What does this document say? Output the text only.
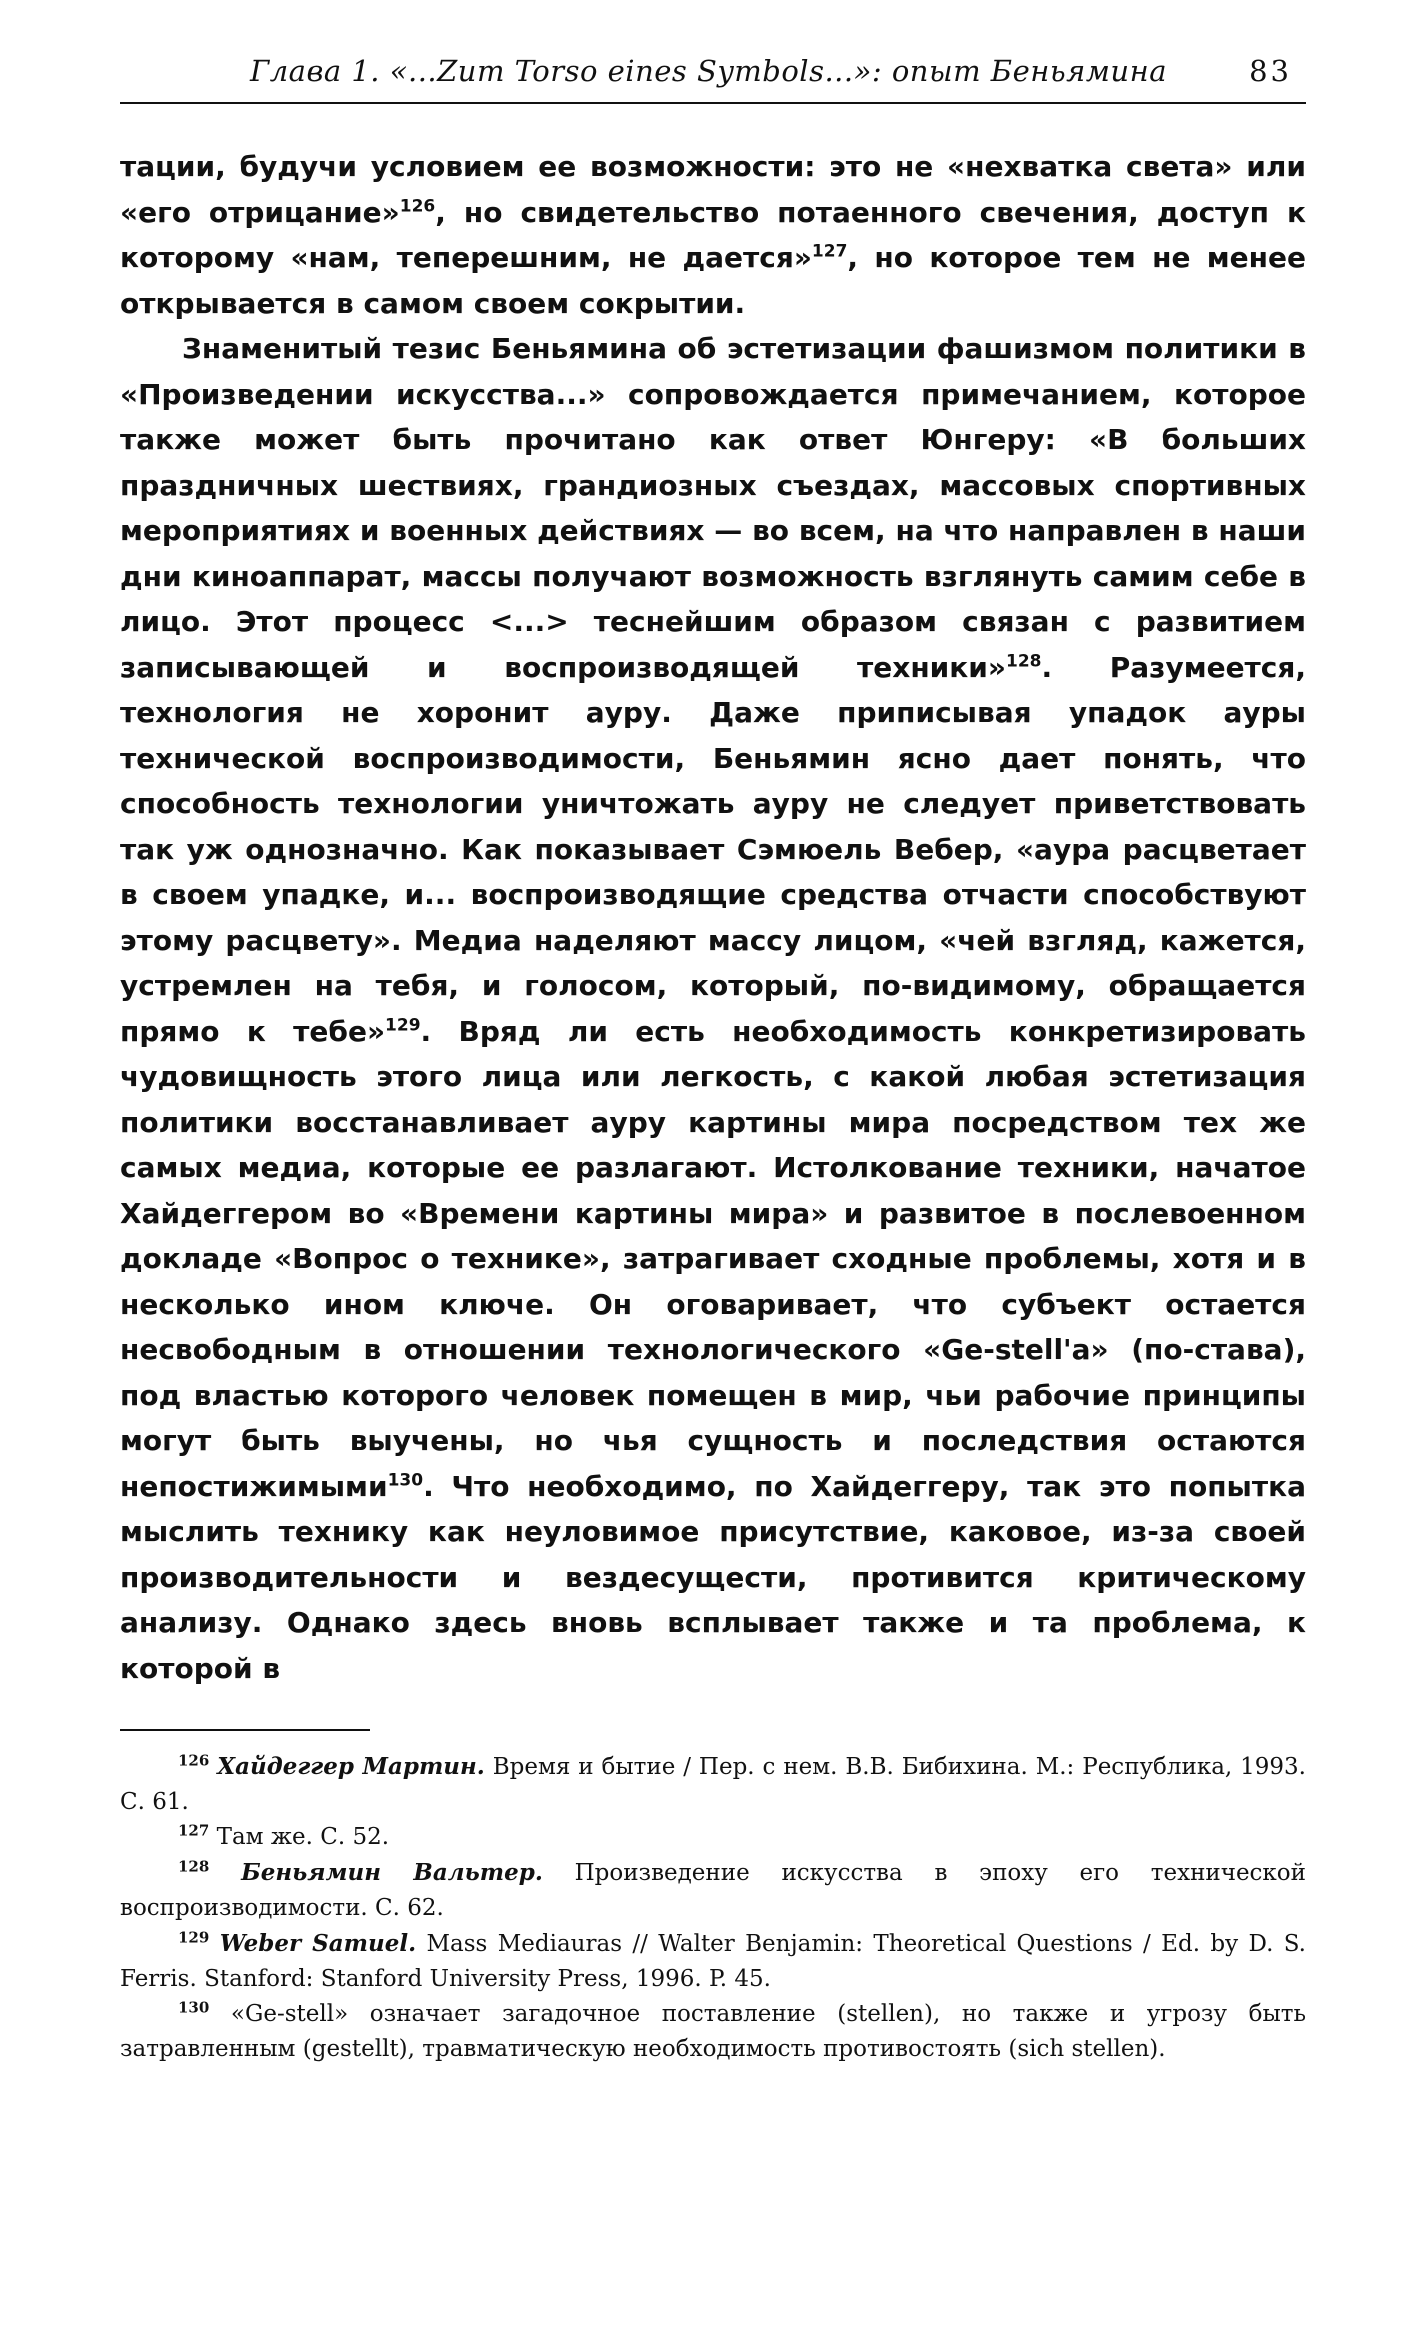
Глава 1. «...Zum Torso eines Symbols...»: опыт Беньямина	83

тации, будучи условием ее возможности: это не «нехватка света» или «его отрицание»$^{126}$, но свидетельство потаенного свечения, доступ к которому «нам, теперешним, не дается»$^{127}$, но которое тем не менее открывается в самом своем сокрытии.

Знаменитый тезис Беньямина об эстетизации фашизмом политики в «Произведении искусства...» сопровождается примечанием, которое также может быть прочитано как ответ Юнгеру: «В больших праздничных шествиях, грандиозных съездах, массовых спортивных мероприятиях и военных действиях — во всем, на что направлен в наши дни киноаппарат, массы получают возможность взглянуть самим себе в лицо. Этот процесс <...> теснейшим образом связан с развитием записывающей и воспроизводящей техники»$^{128}$. Разумеется, технология не хоронит ауру. Даже приписывая упадок ауры технической воспроизводимости, Беньямин ясно дает понять, что способность технологии уничтожать ауру не следует приветствовать так уж однозначно. Как показывает Сэмюель Вебер, «аура расцветает в своем упадке, и... воспроизводящие средства отчасти способствуют этому расцвету». Медиа наделяют массу лицом, «чей взгляд, кажется, устремлен на тебя, и голосом, который, по-видимому, обращается прямо к тебе»$^{129}$. Вряд ли есть необходимость конкретизировать чудовищность этого лица или легкость, с какой любая эстетизация политики восстанавливает ауру картины мира посредством тех же самых медиа, которые ее разлагают. Истолкование техники, начатое Хайдеггером во «Времени картины мира» и развитое в послевоенном докладе «Вопрос о технике», затрагивает сходные проблемы, хотя и в несколько ином ключе. Он оговаривает, что субъект остается несвободным в отношении технологического «Ge-stell'a» (по-става), под властью которого человек помещен в мир, чьи рабочие принципы могут быть выучены, но чья сущность и последствия остаются непостижимыми$^{130}$. Что необходимо, по Хайдеггеру, так это попытка мыслить технику как неуловимое присутствие, каковое, из-за своей производительности и вездесущести, противится критическому анализу. Однако здесь вновь всплывает также и та проблема, к которой в

$^{126}$ Хайдеггер Мартин. Время и бытие / Пер. с нем. В.В. Бибихина. М.: Республика, 1993. С. 61.

$^{127}$ Там же. С. 52.

$^{128}$ Беньямин Вальтер. Произведение искусства в эпоху его технической воспроизводимости. С. 62.

$^{129}$ Weber Samuel. Mass Mediauras // Walter Benjamin: Theoretical Questions / Ed. by D. S. Ferris. Stanford: Stanford University Press, 1996. P. 45.

$^{130}$ «Ge-stell» означает загадочное поставление (stellen), но также и угрозу быть затравленным (gestellt), травматическую необходимость противостоять (sich stellen).
